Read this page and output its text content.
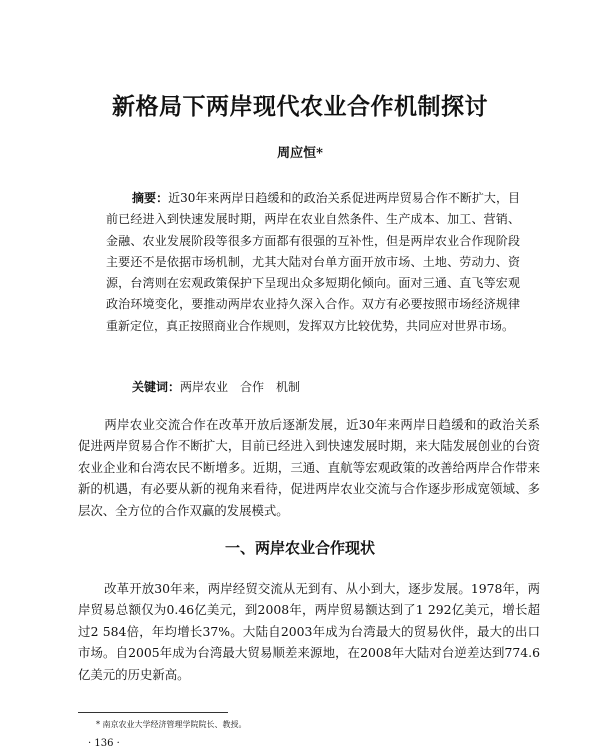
新格局下两岸现代农业合作机制探讨

周应恒*

摘要：近30年来两岸日趋缓和的政治关系促进两岸贸易合作不断扩大，目前已经进入到快速发展时期，两岸在农业自然条件、生产成本、加工、营销、金融、农业发展阶段等很多方面都有很强的互补性，但是两岸农业合作现阶段主要还不是依据市场机制，尤其大陆对台单方面开放市场、土地、劳动力、资源，台湾则在宏观政策保护下呈现出众多短期化倾向。面对三通、直飞等宏观政治环境变化，要推动两岸农业持久深入合作。双方有必要按照市场经济规律重新定位，真正按照商业合作规则，发挥双方比较优势，共同应对世界市场。

关键词：两岸农业 合作 机制

两岸农业交流合作在改革开放后逐渐发展，近30年来两岸日趋缓和的政治关系促进两岸贸易合作不断扩大，目前已经进入到快速发展时期，来大陆发展创业的台资农业企业和台湾农民不断增多。近期，三通、直航等宏观政策的改善给两岸合作带来新的机遇，有必要从新的视角来看待，促进两岸农业交流与合作逐步形成宽领域、多层次、全方位的合作双赢的发展模式。

一、两岸农业合作现状

改革开放30年来，两岸经贸交流从无到有、从小到大，逐步发展。1978年，两岸贸易总额仅为0.46亿美元，到2008年，两岸贸易额达到了1 292亿美元，增长超过2 584倍，年均增长37%。大陆自2003年成为台湾最大的贸易伙伴，最大的出口市场。自2005年成为台湾最大贸易顺差来源地，在2008年大陆对台逆差达到774.6亿美元的历史新高。

* 南京农业大学经济管理学院院长、教授。

· 136 ·
